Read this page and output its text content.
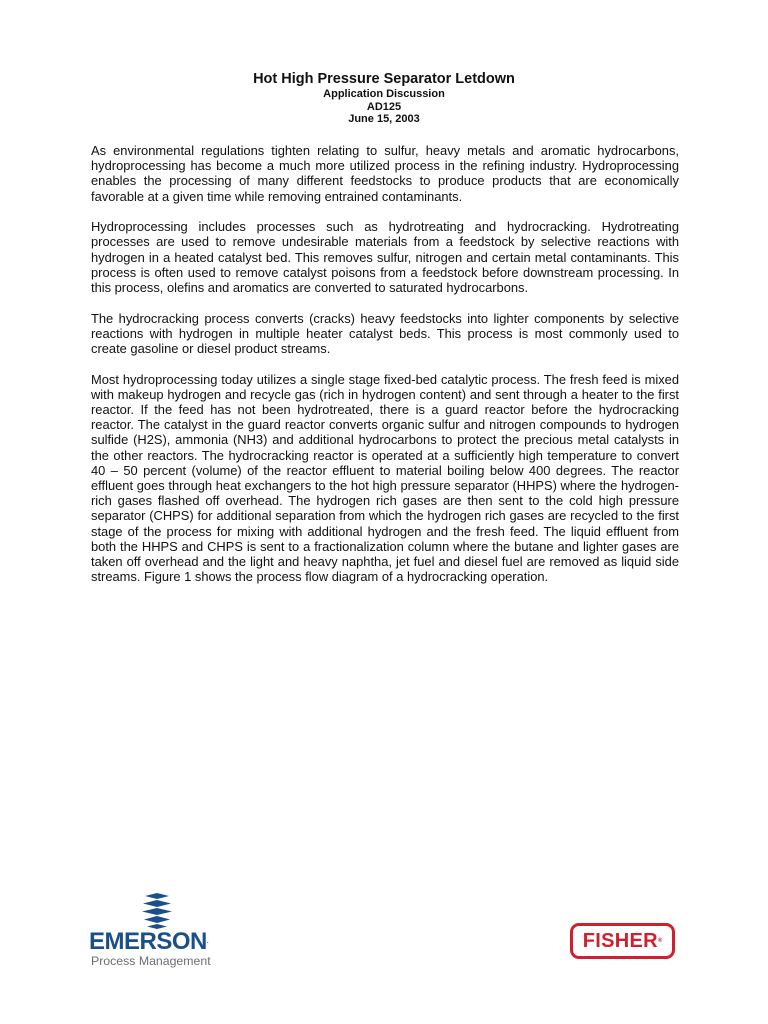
Hot High Pressure Separator Letdown
Application Discussion
AD125
June 15, 2003

As environmental regulations tighten relating to sulfur, heavy metals and aromatic hydrocarbons, hydroprocessing has become a much more utilized process in the refining industry. Hydroprocessing enables the processing of many different feedstocks to produce products that are economically favorable at a given time while removing entrained contaminants.

Hydroprocessing includes processes such as hydrotreating and hydrocracking. Hydrotreating processes are used to remove undesirable materials from a feedstock by selective reactions with hydrogen in a heated catalyst bed. This removes sulfur, nitrogen and certain metal contaminants. This process is often used to remove catalyst poisons from a feedstock before downstream processing. In this process, olefins and aromatics are converted to saturated hydrocarbons.

The hydrocracking process converts (cracks) heavy feedstocks into lighter components by selective reactions with hydrogen in multiple heater catalyst beds. This process is most commonly used to create gasoline or diesel product streams.

Most hydroprocessing today utilizes a single stage fixed-bed catalytic process. The fresh feed is mixed with makeup hydrogen and recycle gas (rich in hydrogen content) and sent through a heater to the first reactor. If the feed has not been hydrotreated, there is a guard reactor before the hydrocracking reactor. The catalyst in the guard reactor converts organic sulfur and nitrogen compounds to hydrogen sulfide (H2S), ammonia (NH3) and additional hydrocarbons to protect the precious metal catalysts in the other reactors. The hydrocracking reactor is operated at a sufficiently high temperature to convert 40 – 50 percent (volume) of the reactor effluent to material boiling below 400 degrees. The reactor effluent goes through heat exchangers to the hot high pressure separator (HHPS) where the hydrogen-rich gases flashed off overhead. The hydrogen rich gases are then sent to the cold high pressure separator (CHPS) for additional separation from which the hydrogen rich gases are recycled to the first stage of the process for mixing with additional hydrogen and the fresh feed. The liquid effluent from both the HHPS and CHPS is sent to a fractionalization column where the butane and lighter gases are taken off overhead and the light and heavy naphtha, jet fuel and diesel fuel are removed as liquid side streams. Figure 1 shows the process flow diagram of a hydrocracking operation.

EMERSON.
Process Management
FISHER®
